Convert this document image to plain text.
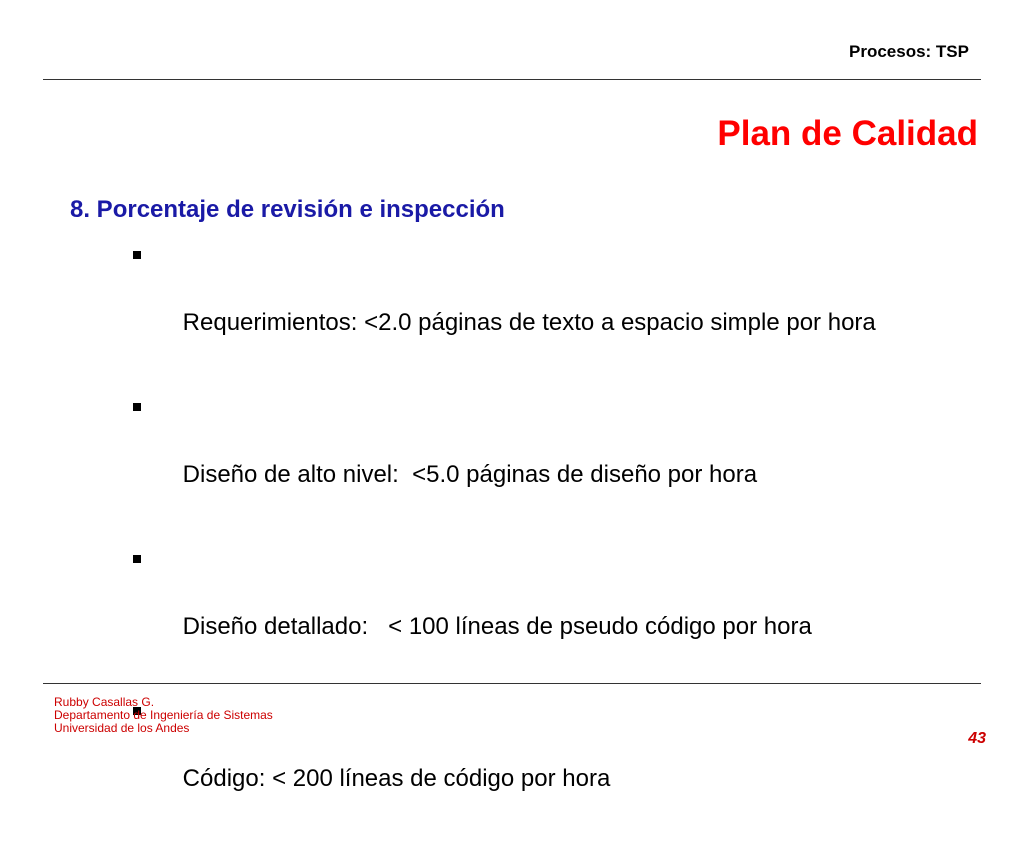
Procesos: TSP
Plan de Calidad
8. Porcentaje de revisión e inspección

Requerimientos: <2.0 páginas de texto a espacio simple por hora

Diseño de alto nivel:  <5.0 páginas de diseño por hora

Diseño detallado:   < 100 líneas de pseudo código por hora

Código: < 200 líneas de código por hora

Rubby Casallas G.
Departamento de Ingeniería de Sistemas
Universidad de los Andes
43
